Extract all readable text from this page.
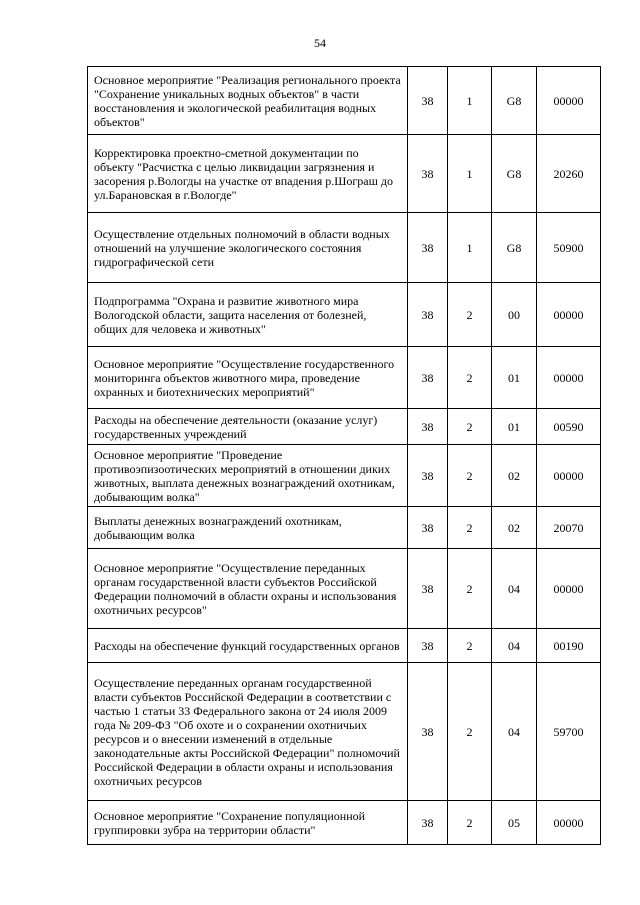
54
Основное мероприятие "Реализация регионального проекта "Сохранение уникальных водных объектов" в части восстановления и экологической реабилитация водных объектов"	38	1	G8	00000
Корректировка проектно-сметной документации по объекту "Расчистка с целью ликвидации загрязнения и засорения р.Вологды на участке от впадения р.Шограш до ул.Барановская в г.Вологде"	38	1	G8	20260
Осуществление отдельных полномочий в области водных отношений на улучшение экологического состояния гидрографической сети	38	1	G8	50900
Подпрограмма "Охрана и развитие животного мира Вологодской области, защита населения от болезней, общих для человека и животных"	38	2	00	00000
Основное мероприятие "Осуществление государственного мониторинга объектов животного мира, проведение охранных и биотехнических мероприятий"	38	2	01	00000
Расходы на обеспечение деятельности (оказание услуг) государственных учреждений	38	2	01	00590
Основное мероприятие "Проведение противоэпизоотических мероприятий в отношении диких животных, выплата денежных вознаграждений охотникам, добывающим волка"	38	2	02	00000
Выплаты денежных вознаграждений охотникам, добывающим волка	38	2	02	20070
Основное мероприятие "Осуществление переданных органам государственной власти субъектов Российской Федерации полномочий в области охраны и использования охотничьих ресурсов"	38	2	04	00000
Расходы на обеспечение функций государственных органов	38	2	04	00190
Осуществление переданных органам государственной власти субъектов Российской Федерации в соответствии с частью 1 статьи 33 Федерального закона от 24 июля 2009 года № 209-ФЗ "Об охоте и о сохранении охотничьих ресурсов и о внесении изменений в отдельные законодательные акты Российской Федерации" полномочий Российской Федерации в области охраны и использования охотничьих ресурсов	38	2	04	59700
Основное мероприятие "Сохранение популяционной группировки зубра на территории области"	38	2	05	00000
